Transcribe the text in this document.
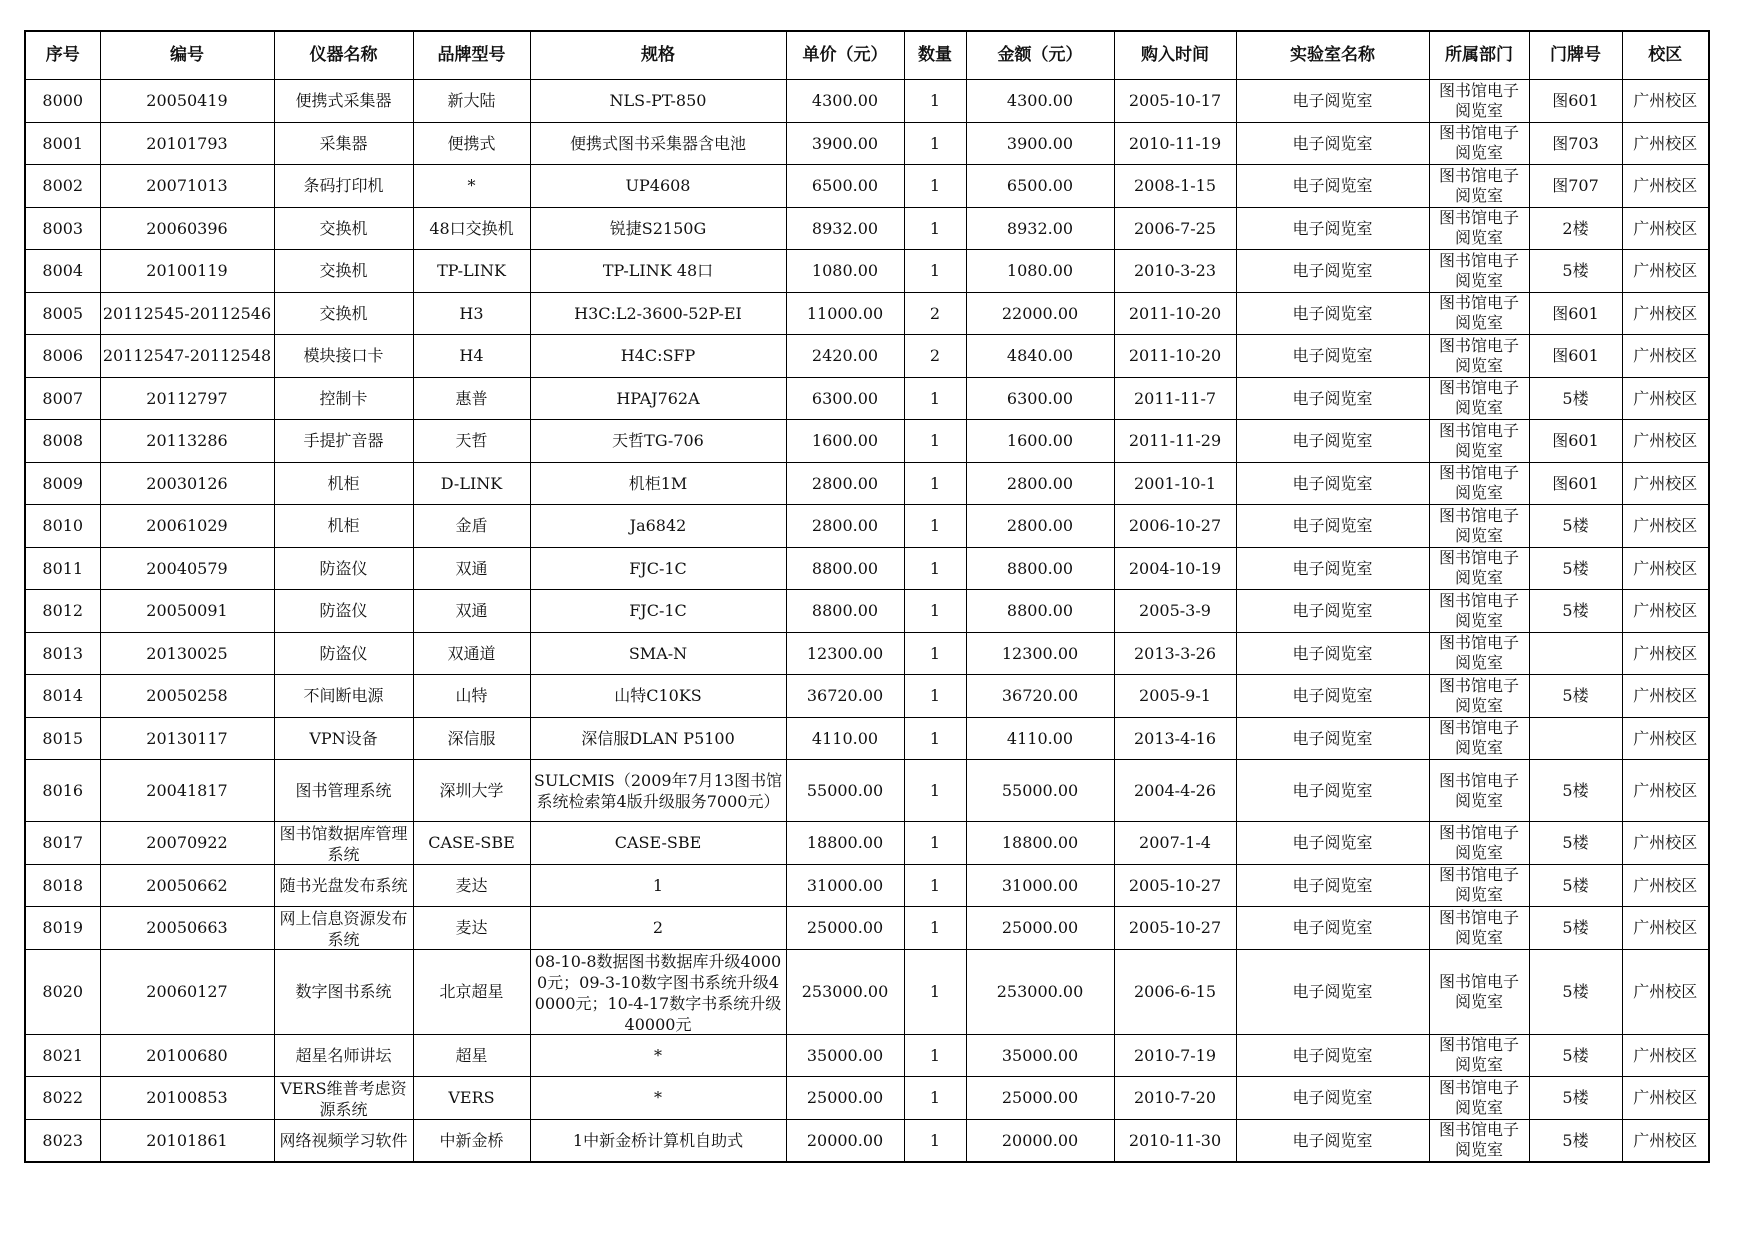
序号	编号	仪器名称	品牌型号	规格	单价（元）	数量	金额（元）	购入时间	实验室名称	所属部门	门牌号	校区

8000	20050419	便携式采集器	新大陆	NLS-PT-850	4300.00	1	4300.00	2005-10-17	电子阅览室	图书馆电子阅览室	图601	广州校区

8001	20101793	采集器	便携式	便携式图书采集器含电池	3900.00	1	3900.00	2010-11-19	电子阅览室	图书馆电子阅览室	图703	广州校区

8002	20071013	条码打印机	*	UP4608	6500.00	1	6500.00	2008-1-15	电子阅览室	图书馆电子阅览室	图707	广州校区

8003	20060396	交换机	48口交换机	锐捷S2150G	8932.00	1	8932.00	2006-7-25	电子阅览室	图书馆电子阅览室	2楼	广州校区

8004	20100119	交换机	TP-LINK	TP-LINK 48口	1080.00	1	1080.00	2010-3-23	电子阅览室	图书馆电子阅览室	5楼	广州校区

8005	20112545-20112546	交换机	H3	H3C:L2-3600-52P-EI	11000.00	2	22000.00	2011-10-20	电子阅览室	图书馆电子阅览室	图601	广州校区

8006	20112547-20112548	模块接口卡	H4	H4C:SFP	2420.00	2	4840.00	2011-10-20	电子阅览室	图书馆电子阅览室	图601	广州校区

8007	20112797	控制卡	惠普	HPAJ762A	6300.00	1	6300.00	2011-11-7	电子阅览室	图书馆电子阅览室	5楼	广州校区

8008	20113286	手提扩音器	天哲	天哲TG-706	1600.00	1	1600.00	2011-11-29	电子阅览室	图书馆电子阅览室	图601	广州校区

8009	20030126	机柜	D-LINK	机柜1M	2800.00	1	2800.00	2001-10-1	电子阅览室	图书馆电子阅览室	图601	广州校区

8010	20061029	机柜	金盾	Ja6842	2800.00	1	2800.00	2006-10-27	电子阅览室	图书馆电子阅览室	5楼	广州校区

8011	20040579	防盗仪	双通	FJC-1C	8800.00	1	8800.00	2004-10-19	电子阅览室	图书馆电子阅览室	5楼	广州校区

8012	20050091	防盗仪	双通	FJC-1C	8800.00	1	8800.00	2005-3-9	电子阅览室	图书馆电子阅览室	5楼	广州校区

8013	20130025	防盗仪	双通道	SMA-N	12300.00	1	12300.00	2013-3-26	电子阅览室	图书馆电子阅览室		广州校区

8014	20050258	不间断电源	山特	山特C10KS	36720.00	1	36720.00	2005-9-1	电子阅览室	图书馆电子阅览室	5楼	广州校区

8015	20130117	VPN设备	深信服	深信服DLAN P5100	4110.00	1	4110.00	2013-4-16	电子阅览室	图书馆电子阅览室		广州校区

8016	20041817	图书管理系统	深圳大学	SULCMIS（2009年7月13图书馆系统检索第4版升级服务7000元）	55000.00	1	55000.00	2004-4-26	电子阅览室	图书馆电子阅览室	5楼	广州校区

8017	20070922	图书馆数据库管理系统	CASE-SBE	CASE-SBE	18800.00	1	18800.00	2007-1-4	电子阅览室	图书馆电子阅览室	5楼	广州校区

8018	20050662	随书光盘发布系统	麦达	1	31000.00	1	31000.00	2005-10-27	电子阅览室	图书馆电子阅览室	5楼	广州校区

8019	20050663	网上信息资源发布系统	麦达	2	25000.00	1	25000.00	2005-10-27	电子阅览室	图书馆电子阅览室	5楼	广州校区

8020	20060127	数字图书系统	北京超星	08-10-8数据图书数据库升级40000元；09-3-10数字图书系统升级40000元；10-4-17数字书系统升级40000元	253000.00	1	253000.00	2006-6-15	电子阅览室	图书馆电子阅览室	5楼	广州校区

8021	20100680	超星名师讲坛	超星	*	35000.00	1	35000.00	2010-7-19	电子阅览室	图书馆电子阅览室	5楼	广州校区

8022	20100853	VERS维普考虑资源系统	VERS	*	25000.00	1	25000.00	2010-7-20	电子阅览室	图书馆电子阅览室	5楼	广州校区

8023	20101861	网络视频学习软件	中新金桥	1中新金桥计算机自助式	20000.00	1	20000.00	2010-11-30	电子阅览室	图书馆电子阅览室	5楼	广州校区
